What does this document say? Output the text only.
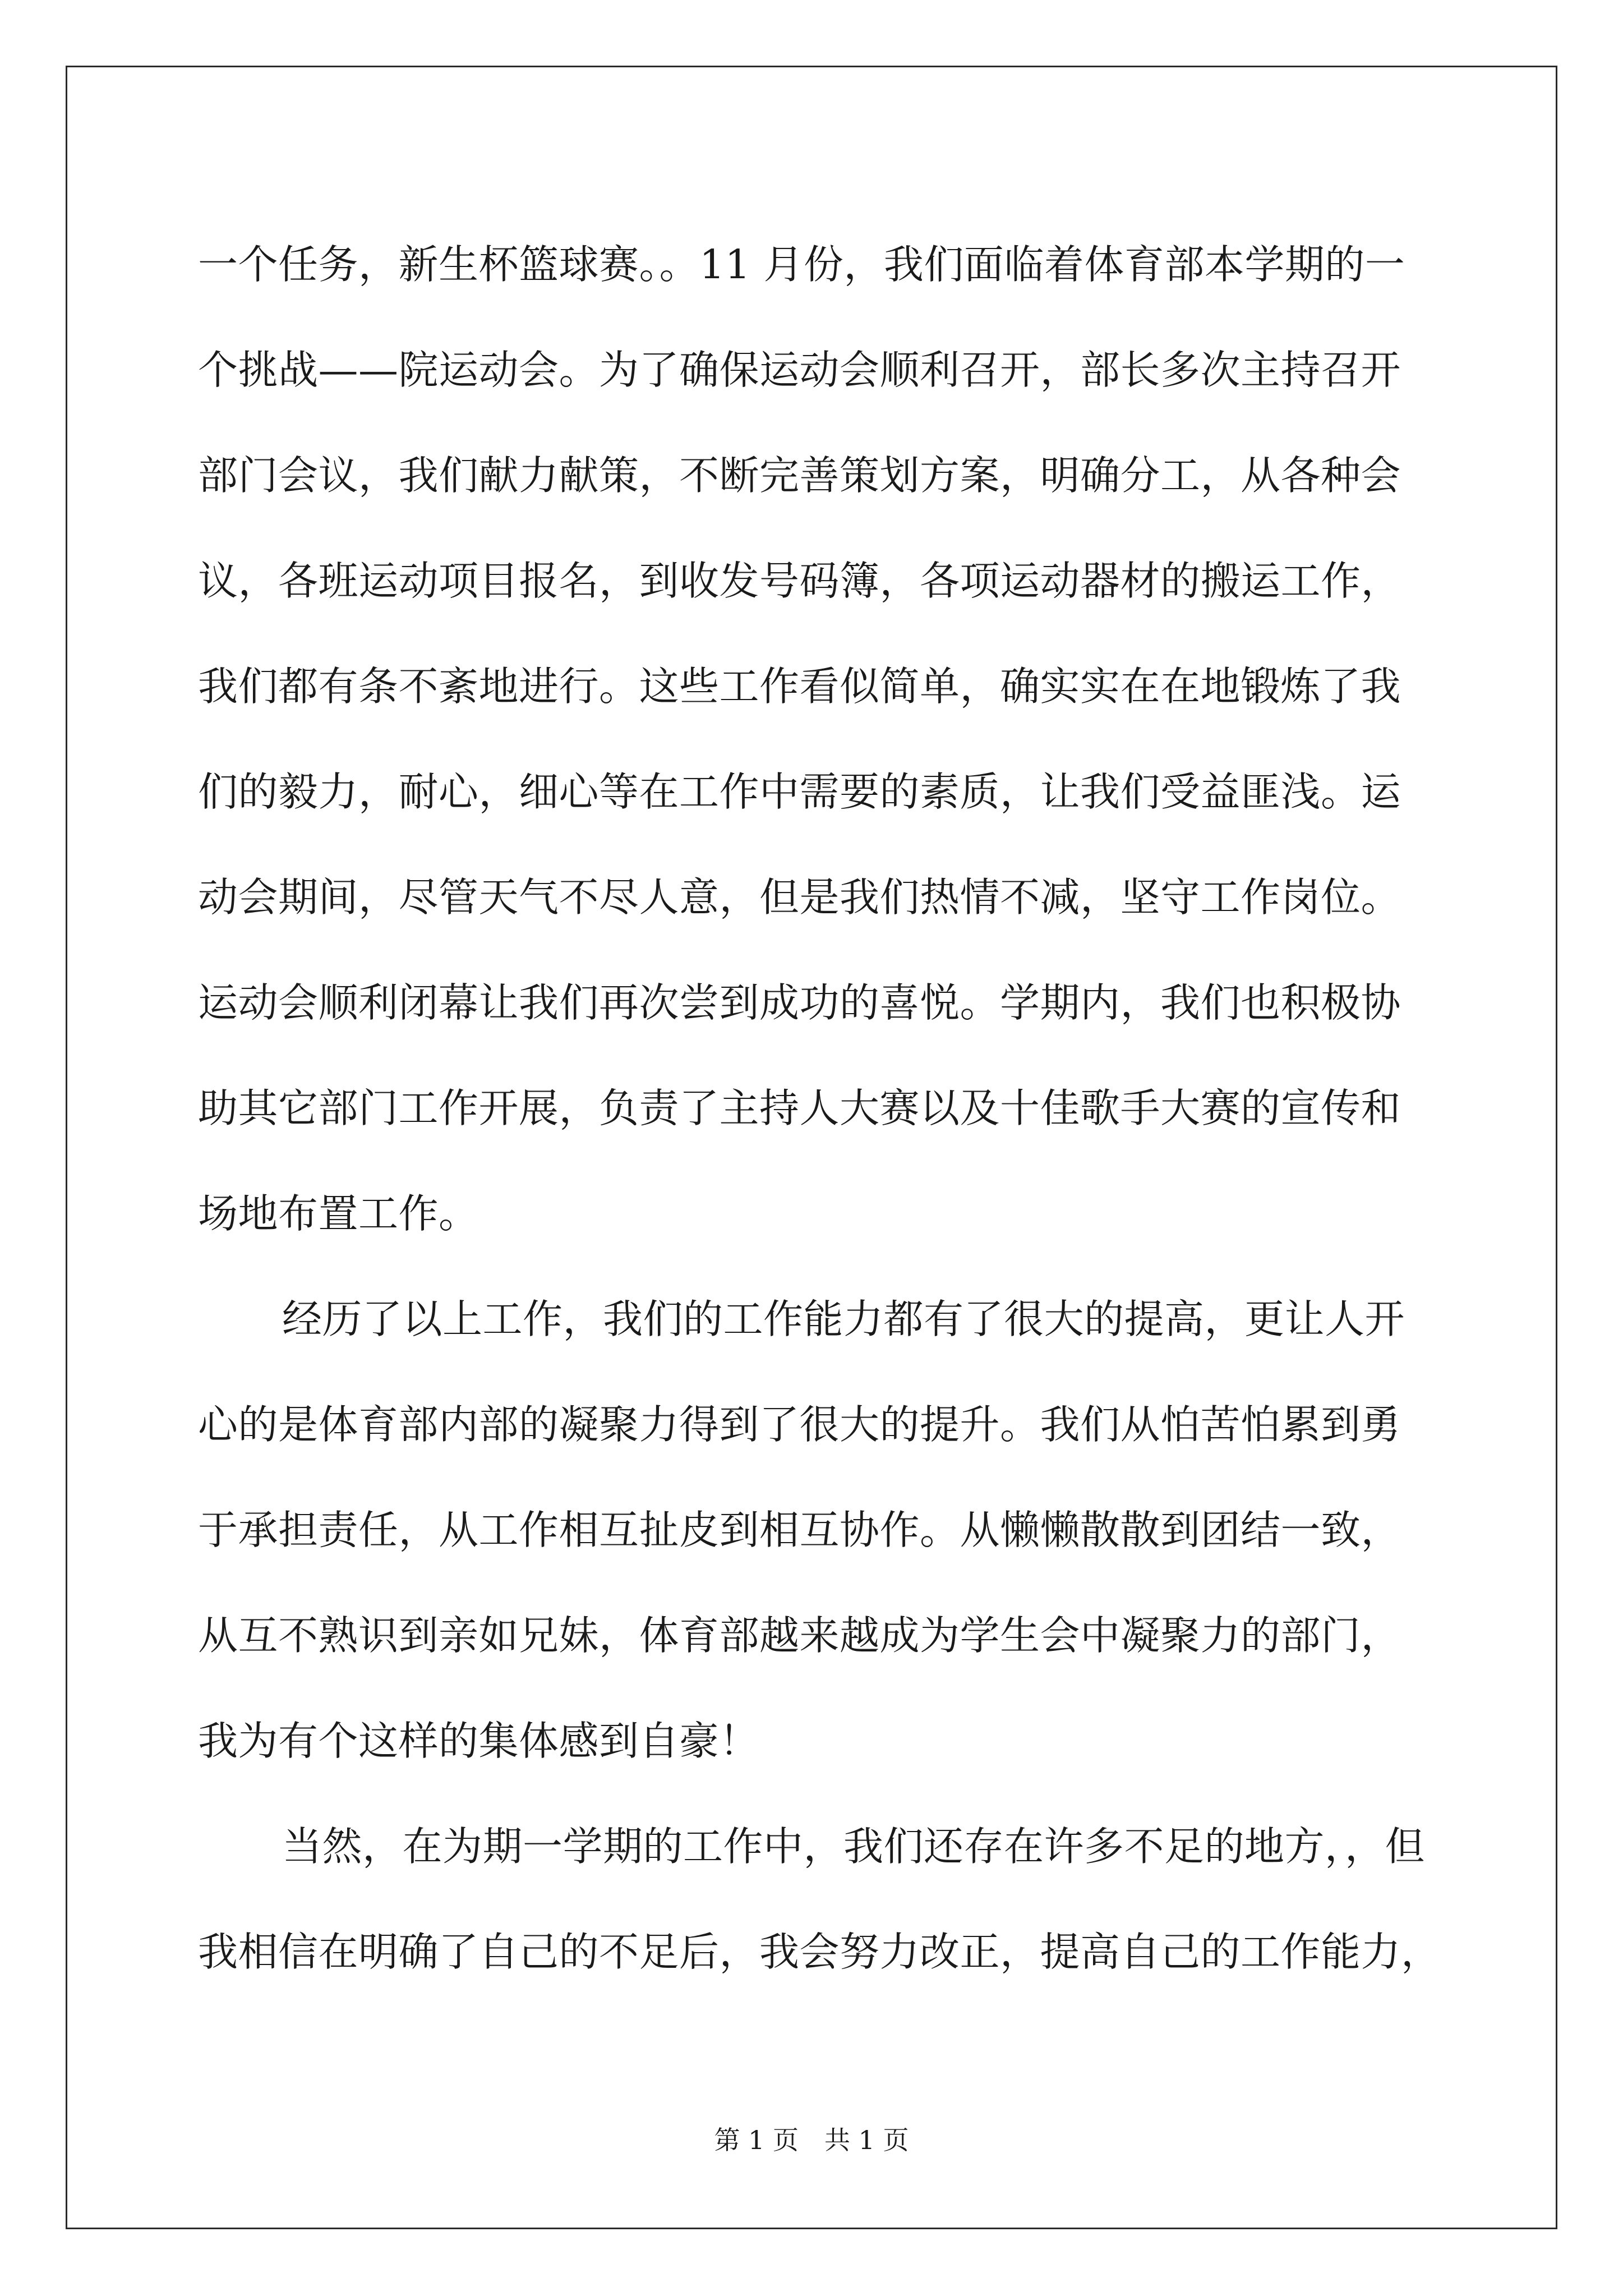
一个任务，新生杯篮球赛。。11 月份，我们面临着体育部本学期的一
个挑战——院运动会。为了确保运动会顺利召开，部长多次主持召开
部门会议，我们献力献策，不断完善策划方案，明确分工，从各种会
议，各班运动项目报名，到收发号码簿，各项运动器材的搬运工作，
我们都有条不紊地进行。这些工作看似简单，确实实在在地锻炼了我
们的毅力，耐心，细心等在工作中需要的素质，让我们受益匪浅。运
动会期间，尽管天气不尽人意，但是我们热情不减，坚守工作岗位。
运动会顺利闭幕让我们再次尝到成功的喜悦。学期内，我们也积极协
助其它部门工作开展，负责了主持人大赛以及十佳歌手大赛的宣传和
场地布置工作。
经历了以上工作，我们的工作能力都有了很大的提高，更让人开
心的是体育部内部的凝聚力得到了很大的提升。我们从怕苦怕累到勇
于承担责任，从工作相互扯皮到相互协作。从懒懒散散到团结一致，
从互不熟识到亲如兄妹，体育部越来越成为学生会中凝聚力的部门，
我为有个这样的集体感到自豪！
当然，在为期一学期的工作中，我们还存在许多不足的地方，，但
我相信在明确了自己的不足后，我会努力改正，提高自己的工作能力，
第 1 页　共 1 页
